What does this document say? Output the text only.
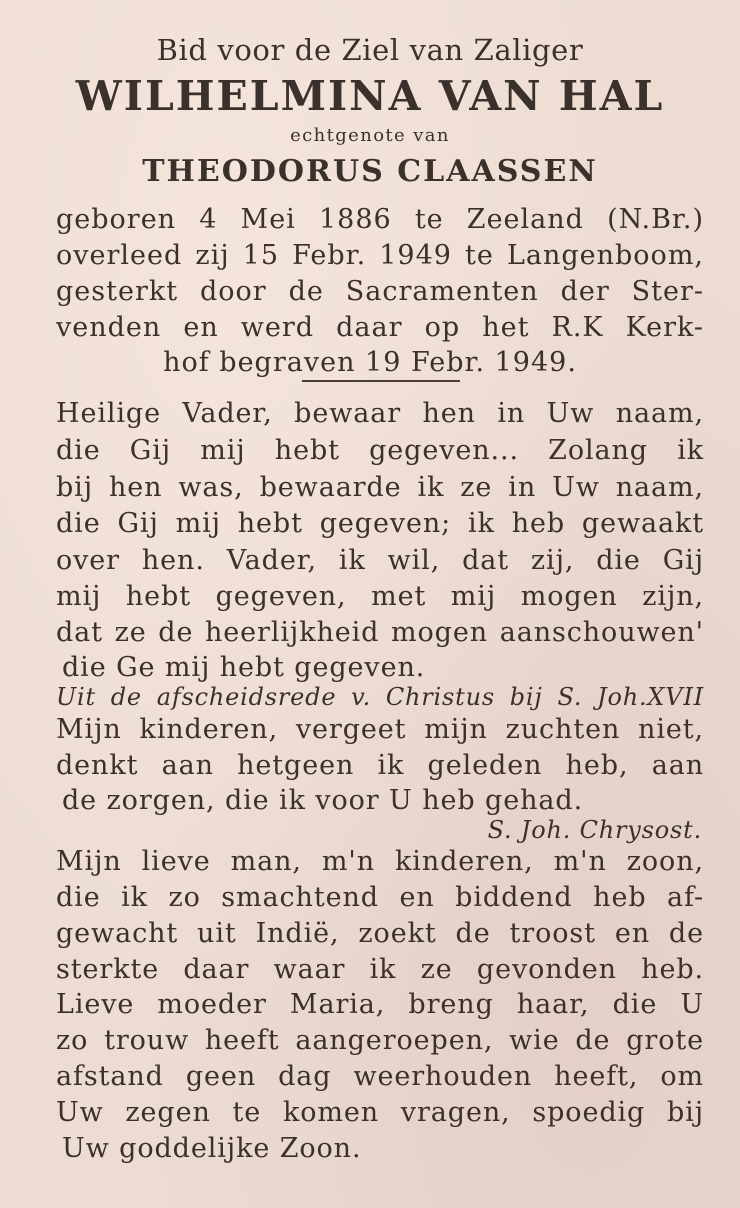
Bid voor de Ziel van Zaliger
WILHELMINA VAN HAL
echtgenote van
THEODORUS CLAASSEN
geboren 4 Mei 1886 te Zeeland (N.Br.)
overleed zij 15 Febr. 1949 te Langenboom,
gesterkt door de Sacramenten der Ster-
venden en werd daar op het R.K Kerk-
hof begraven 19 Febr. 1949.
Heilige Vader, bewaar hen in Uw naam,
die Gij mij hebt gegeven... Zolang ik
bij hen was, bewaarde ik ze in Uw naam,
die Gij mij hebt gegeven; ik heb gewaakt
over hen. Vader, ik wil, dat zij, die Gij
mij hebt gegeven, met mij mogen zijn,
dat ze de heerlijkheid mogen aanschouwen'
die Ge mij hebt gegeven.
Uit de afscheidsrede v. Christus bij S. Joh.XVII
Mijn kinderen, vergeet mijn zuchten niet,
denkt aan hetgeen ik geleden heb, aan
de zorgen, die ik voor U heb gehad.
S. Joh. Chrysost.
Mijn lieve man, m'n kinderen, m'n zoon,
die ik zo smachtend en biddend heb af-
gewacht uit Indië, zoekt de troost en de
sterkte daar waar ik ze gevonden heb.
Lieve moeder Maria, breng haar, die U
zo trouw heeft aangeroepen, wie de grote
afstand geen dag weerhouden heeft, om
Uw zegen te komen vragen, spoedig bij
Uw goddelijke Zoon.
